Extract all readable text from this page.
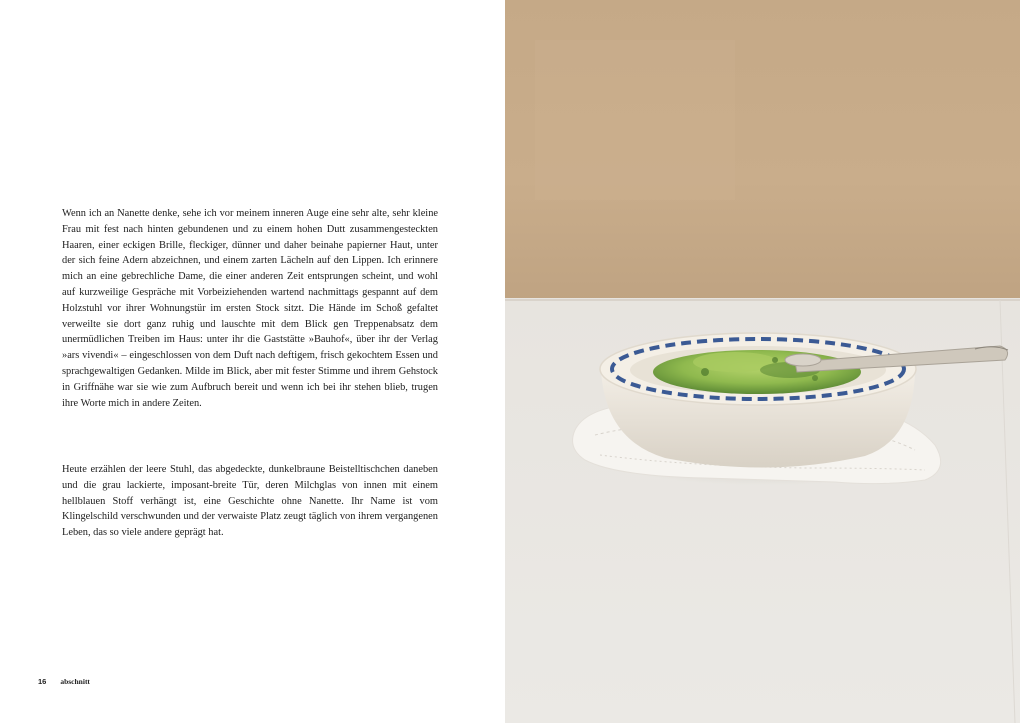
Wenn ich an Nanette denke, sehe ich vor meinem inneren Auge eine sehr alte, sehr kleine Frau mit fest nach hinten gebundenen und zu einem hohen Dutt zusammengesteckten Haaren, einer eckigen Brille, fleckiger, dünner und daher beinahe papierner Haut, unter der sich feine Adern abzeichnen, und einem zarten Lächeln auf den Lippen. Ich erinnere mich an eine gebrechliche Dame, die einer anderen Zeit entsprungen scheint, und wohl auf kurzweilige Gespräche mit Vorbeiziehenden wartend nachmittags gespannt auf dem Holzstuhl vor ihrer Wohnungstür im ersten Stock sitzt. Die Hände im Schoß gefaltet verweilte sie dort ganz ruhig und lauschte mit dem Blick gen Treppenabsatz dem unermüdlichen Treiben im Haus: unter ihr die Gaststätte »Bauhof«, über ihr der Verlag »ars vivendi« – eingeschlossen von dem Duft nach deftigem, frisch gekochtem Essen und sprachgewaltigen Gedanken. Milde im Blick, aber mit fester Stimme und ihrem Gehstock in Griffnähe war sie wie zum Aufbruch bereit und wenn ich bei ihr stehen blieb, trugen ihre Worte mich in andere Zeiten.

Heute erzählen der leere Stuhl, das abgedeckte, dunkelbraune Beistelltischchen daneben und die grau lackierte, imposant-breite Tür, deren Milchglas von innen mit einem hellblauen Stoff verhängt ist, eine Geschichte ohne Nanette. Ihr Name ist vom Klingelschild verschwunden und der verwaiste Platz zeugt täglich von ihrem vergangenen Leben, das so viele andere geprägt hat.

16 abschnitt
